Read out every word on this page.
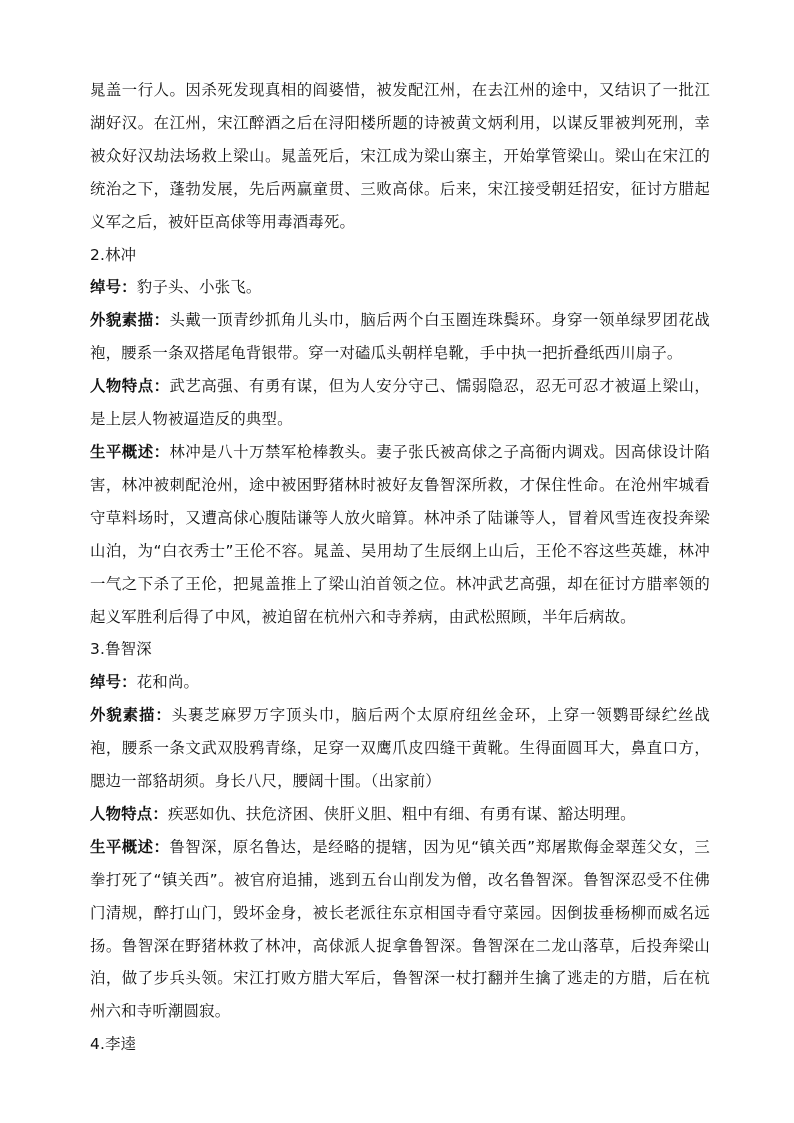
晁盖一行人。因杀死发现真相的阎婆惜，被发配江州，在去江州的途中，又结识了一批江湖好汉。在江州，宋江醉酒之后在浔阳楼所题的诗被黄文炳利用，以谋反罪被判死刑，幸被众好汉劫法场救上梁山。晁盖死后，宋江成为梁山寨主，开始掌管梁山。梁山在宋江的统治之下，蓬勃发展，先后两赢童贯、三败高俅。后来，宋江接受朝廷招安，征讨方腊起义军之后，被奸臣高俅等用毒酒毒死。

2.林冲

绰号：豹子头、小张飞。

外貌素描：头戴一顶青纱抓角儿头巾，脑后两个白玉圈连珠鬓环。身穿一领单绿罗团花战袍，腰系一条双搭尾龟背银带。穿一对磕瓜头朝样皂靴，手中执一把折叠纸西川扇子。

人物特点：武艺高强、有勇有谋，但为人安分守己、懦弱隐忍，忍无可忍才被逼上梁山，是上层人物被逼造反的典型。

生平概述：林冲是八十万禁军枪棒教头。妻子张氏被高俅之子高衙内调戏。因高俅设计陷害，林冲被刺配沧州，途中被困野猪林时被好友鲁智深所救，才保住性命。在沧州牢城看守草料场时，又遭高俅心腹陆谦等人放火暗算。林冲杀了陆谦等人，冒着风雪连夜投奔梁山泊，为“白衣秀士”王伦不容。晁盖、吴用劫了生辰纲上山后，王伦不容这些英雄，林冲一气之下杀了王伦，把晁盖推上了梁山泊首领之位。林冲武艺高强，却在征讨方腊率领的起义军胜利后得了中风，被迫留在杭州六和寺养病，由武松照顾，半年后病故。

3.鲁智深

绰号：花和尚。

外貌素描：头裹芝麻罗万字顶头巾，脑后两个太原府纽丝金环，上穿一领鹦哥绿纻丝战袍，腰系一条文武双股鸦青绦，足穿一双鹰爪皮四缝干黄靴。生得面圆耳大，鼻直口方，腮边一部貉胡须。身长八尺，腰阔十围。（出家前）

人物特点：疾恶如仇、扶危济困、侠肝义胆、粗中有细、有勇有谋、豁达明理。

生平概述：鲁智深，原名鲁达，是经略的提辖，因为见“镇关西”郑屠欺侮金翠莲父女，三拳打死了“镇关西”。被官府追捕，逃到五台山削发为僧，改名鲁智深。鲁智深忍受不住佛门清规，醉打山门，毁坏金身，被长老派往东京相国寺看守菜园。因倒拔垂杨柳而威名远扬。鲁智深在野猪林救了林冲，高俅派人捉拿鲁智深。鲁智深在二龙山落草，后投奔梁山泊，做了步兵头领。宋江打败方腊大军后，鲁智深一杖打翻并生擒了逃走的方腊，后在杭州六和寺听潮圆寂。

4.李逵
